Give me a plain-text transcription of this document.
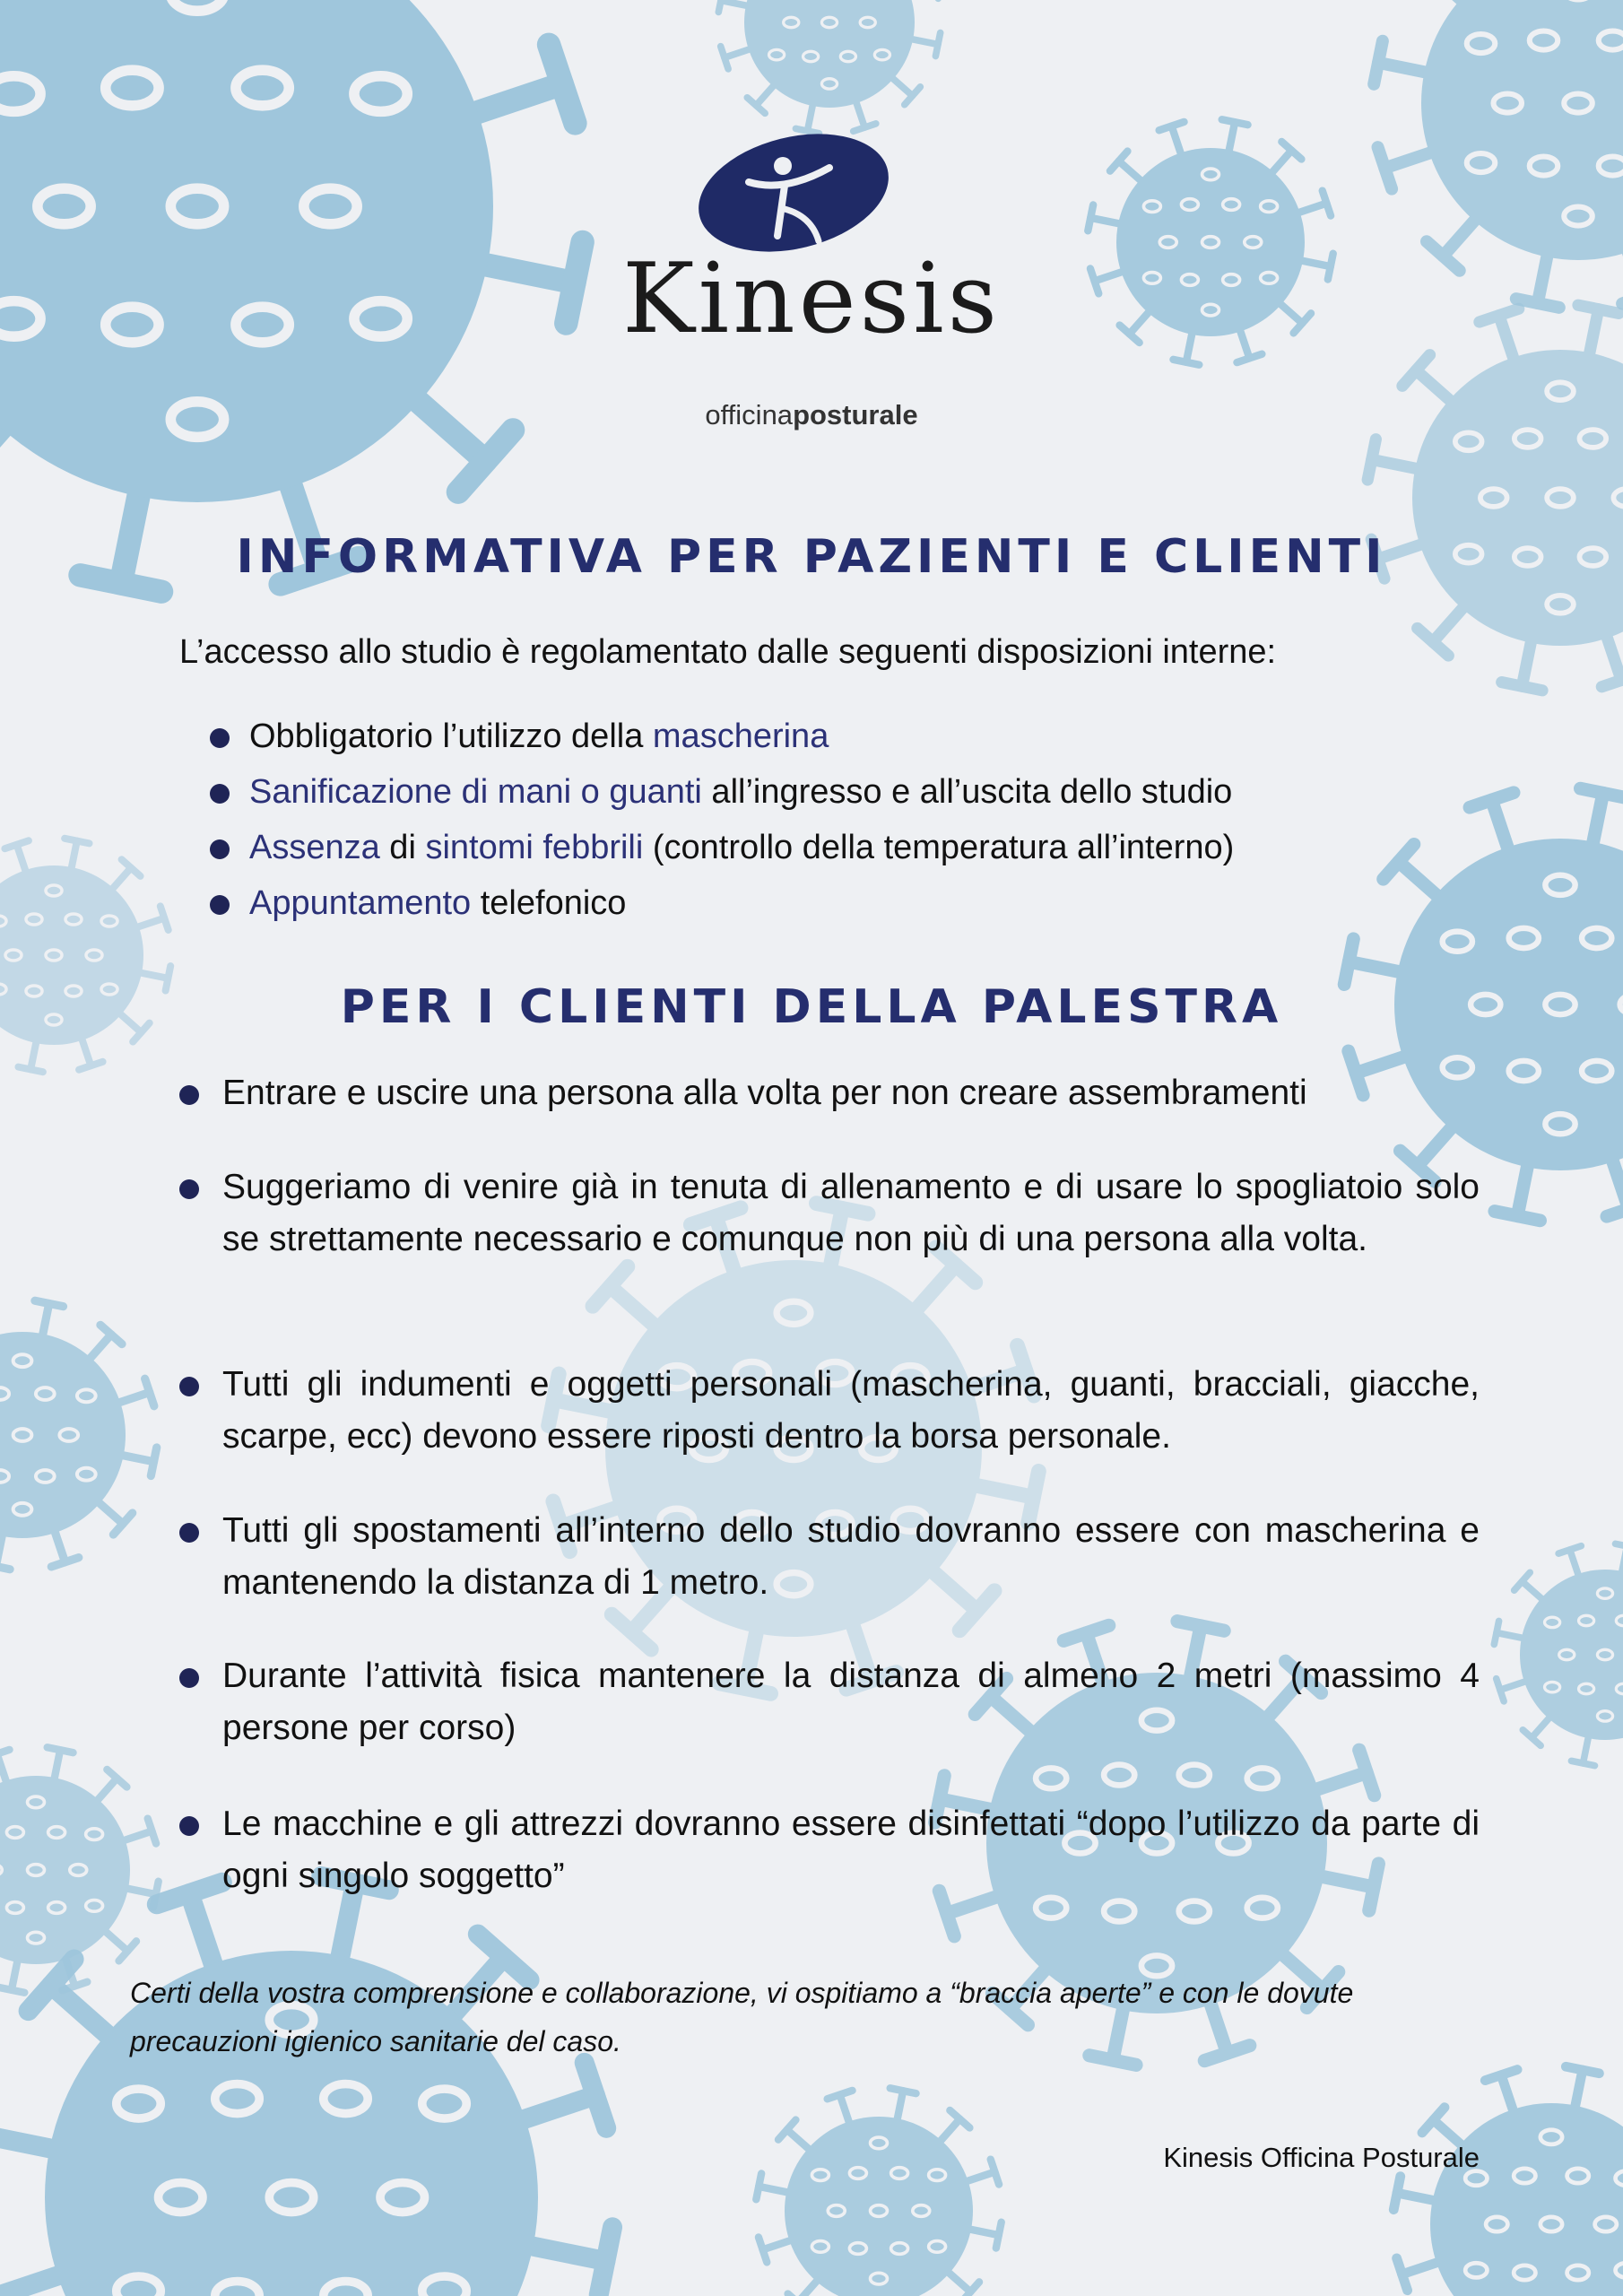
Kinesis
officinaposturale
INFORMATIVA PER PAZIENTI E CLIENTI
L’accesso allo studio è regolamentato dalle seguenti disposizioni interne:
Obbligatorio l’utilizzo della mascherina
Sanificazione di mani o guanti all’ingresso e all’uscita dello studio
Assenza di sintomi febbrili (controllo della temperatura all’interno)
Appuntamento telefonico
PER I CLIENTI DELLA PALESTRA
Entrare e uscire una persona alla volta per non creare assembramenti
Suggeriamo di venire già in tenuta di allenamento e di usare lo spogliatoio solo se strettamente necessario e comunque non più di una persona alla volta.
Tutti gli indumenti e oggetti personali (mascherina, guanti, bracciali, giacche, scarpe, ecc) devono essere riposti dentro la borsa personale.
Tutti gli spostamenti all’interno dello studio dovranno essere con mascherina e mantenendo la distanza di 1 metro.
Durante l’attività fisica mantenere la distanza di almeno 2 metri (massimo 4 persone per corso)
Le macchine e gli attrezzi dovranno essere disinfettati “dopo l’utilizzo da parte di ogni singolo soggetto”
Certi della vostra comprensione e collaborazione, vi ospitiamo a “braccia aperte” e con le dovute precauzioni igienico sanitarie del caso.
Kinesis Officina Posturale
